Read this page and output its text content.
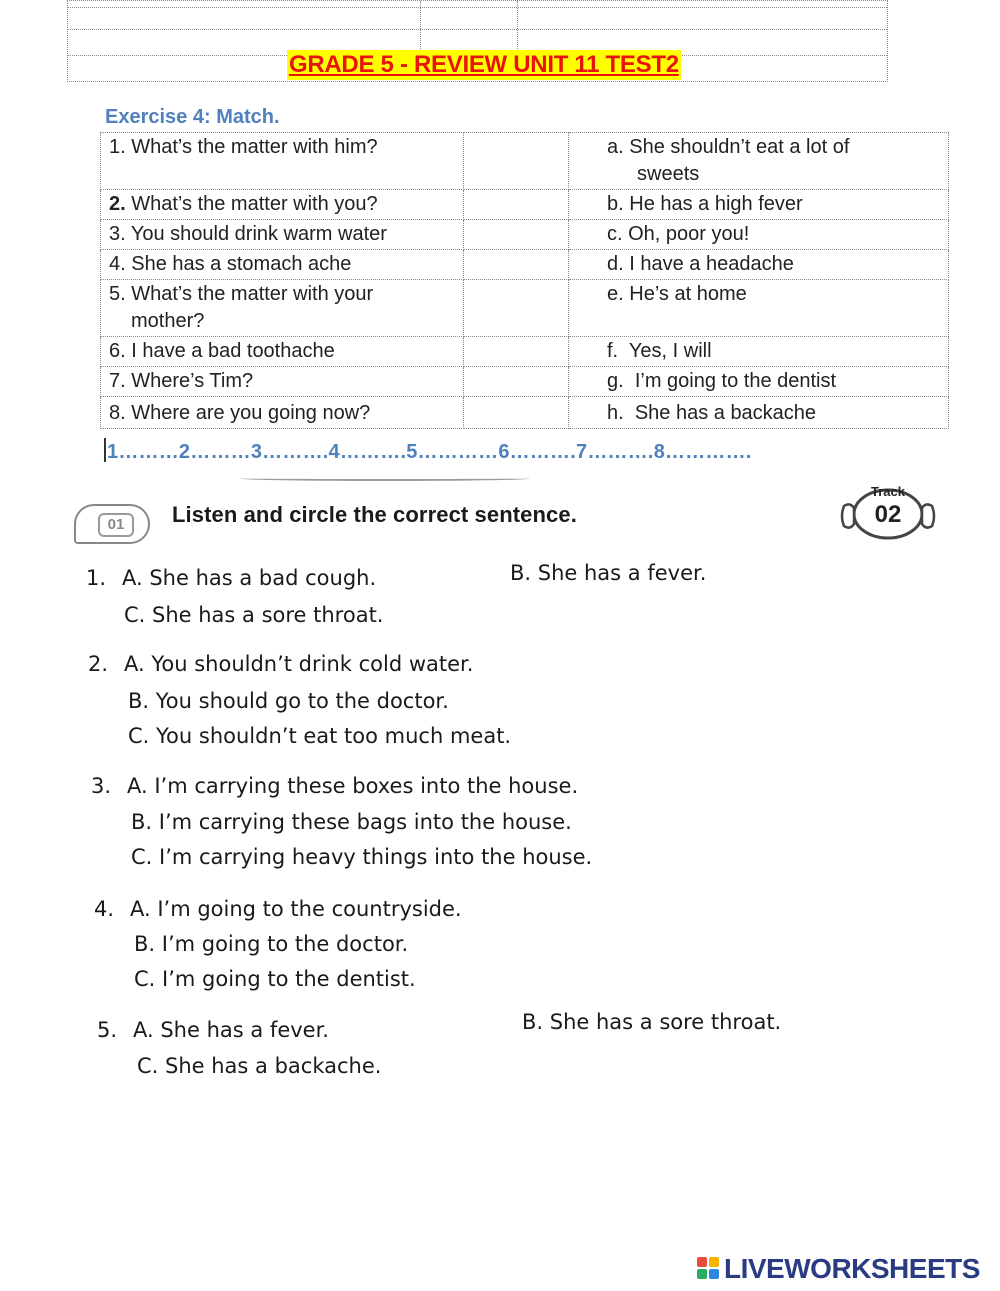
GRADE 5 - REVIEW UNIT 11 TEST2
Exercise 4: Match.
1. What’s the matter with him?		a. She shouldn’t eat a lot of
sweets
2. What’s the matter with you?		b. He has a high fever
3. You should drink warm water		c. Oh, poor you!
4. She has a stomach ache		d. I have a headache
5. What’s the matter with your
mother?		e. He’s at home
6. I have a bad toothache		f. Yes, I will
7. Where’s Tim?		g. I’m going to the dentist
8. Where are you going now?		h. She has a backache
1………2………3……….4……….5…………6……….7……….8………….
01	Listen and circle the correct sentence.
Track
02
1. A. She has a bad cough.	B. She has a fever.
C. She has a sore throat.
2. A. You shouldn’t drink cold water.
B. You should go to the doctor.
C. You shouldn’t eat too much meat.
3. A. I’m carrying these boxes into the house.
B. I’m carrying these bags into the house.
C. I’m carrying heavy things into the house.
4. A. I’m going to the countryside.
B. I’m going to the doctor.
C. I’m going to the dentist.
5. A. She has a fever.	B. She has a sore throat.
C. She has a backache.
LIVEWORKSHEETS
